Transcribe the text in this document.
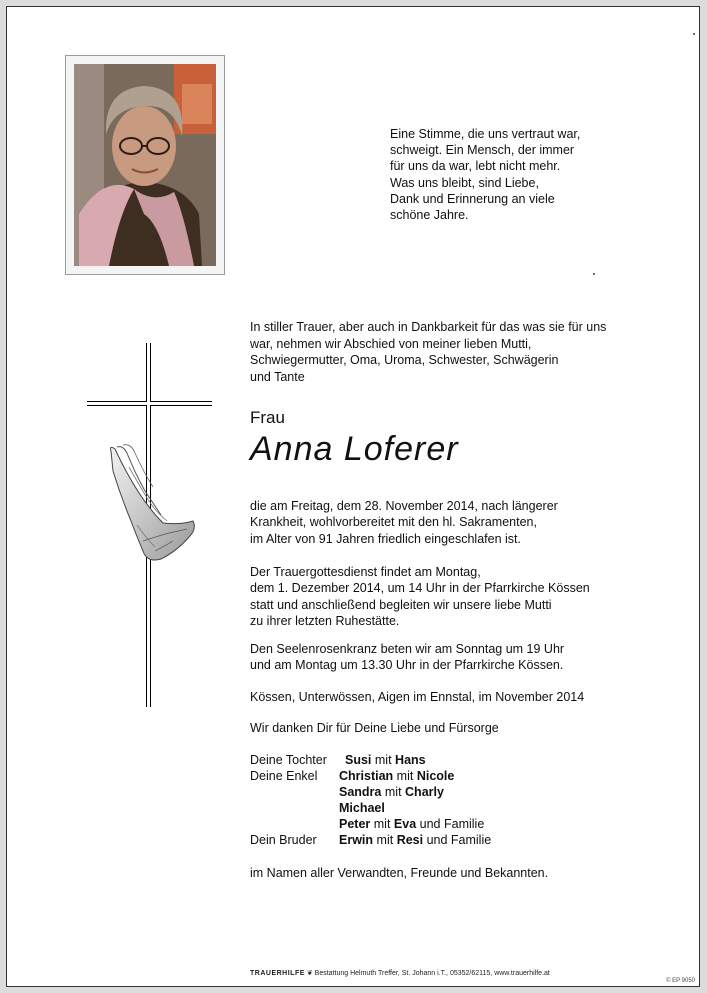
Eine Stimme, die uns vertraut war,
schweigt. Ein Mensch, der immer
für uns da war, lebt nicht mehr.
Was uns bleibt, sind Liebe,
Dank und Erinnerung an viele
schöne Jahre.
In stiller Trauer, aber auch in Dankbarkeit für das was sie für uns
war, nehmen wir Abschied von meiner lieben Mutti,
Schwiegermutter, Oma, Uroma, Schwester, Schwägerin
und Tante
Frau
Anna Loferer
die am Freitag, dem 28. November 2014, nach längerer
Krankheit, wohlvorbereitet mit den hl. Sakramenten,
im Alter von 91 Jahren friedlich eingeschlafen ist.
Der Trauergottesdienst findet am Montag,
dem 1. Dezember 2014, um 14 Uhr in der Pfarrkirche Kössen
statt und anschließend begleiten wir unsere liebe Mutti
zu ihrer letzten Ruhestätte.
Den Seelenrosenkranz beten wir am Sonntag um 19 Uhr
und am Montag um 13.30 Uhr in der Pfarrkirche Kössen.
Kössen, Unterwössen, Aigen im Ennstal, im November 2014
Wir danken Dir für Deine Liebe und Fürsorge
Deine Tochter Susi mit Hans
Deine Enkel Christian mit Nicole
Sandra mit Charly
Michael
Peter mit Eva und Familie
Dein Bruder Erwin mit Resi und Familie
im Namen aller Verwandten, Freunde und Bekannten.
TRAUERHILFE ❦ Bestattung Helmuth Treffer, St. Johann i.T., 05352/62115, www.trauerhilfe.at
© EP 9050
